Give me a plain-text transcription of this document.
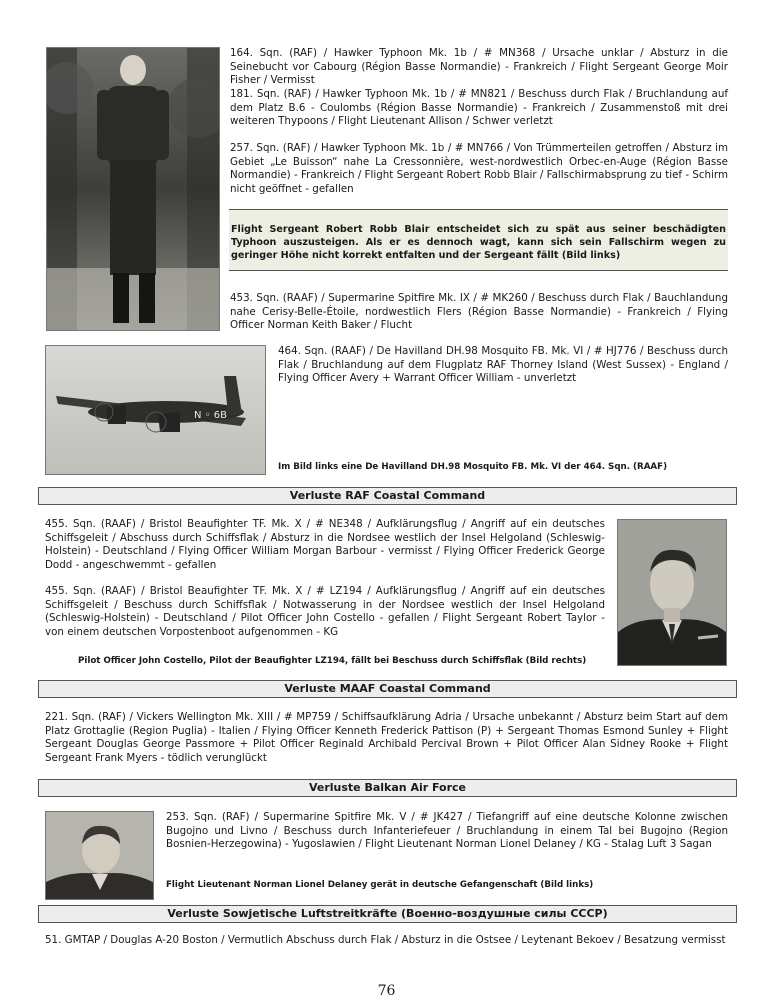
164. Sqn. (RAF) / Hawker Typhoon Mk. 1b / # MN368 / Ursache unklar / Absturz in die Seinebucht vor Cabourg (Région Basse Normandie) - Frankreich / Flight Sergeant George Moir Fisher / Vermisst

181. Sqn. (RAF) / Hawker Typhoon Mk. 1b / # MN821 / Beschuss durch Flak / Bruchlandung auf dem Platz B.6 - Coulombs (Région Basse Normandie) - Frankreich / Zusammenstoß mit drei weiteren Thypoons / Flight Lieutenant Allison / Schwer verletzt

257. Sqn. (RAF) / Hawker Typhoon Mk. 1b / # MN766 / Von Trümmerteilen getroffen / Absturz im Gebiet „Le Buisson“ nahe La Cressonnière, west-nordwestlich Orbec-en-Auge (Région Basse Normandie) - Frankreich / Flight Sergeant Robert Robb Blair / Fallschirmabsprung zu tief - Schirm nicht geöffnet - gefallen

Flight Sergeant Robert Robb Blair entscheidet sich zu spät aus seiner beschädigten Typhoon auszusteigen. Als er es dennoch wagt, kann sich sein Fallschirm wegen zu geringer Höhe nicht korrekt entfalten und der Sergeant fällt (Bild links)

453. Sqn. (RAAF) / Supermarine Spitfire Mk. IX / # MK260 / Beschuss durch Flak / Bauchlandung nahe Cerisy-Belle-Étoile, nordwestlich Flers (Région Basse Normandie) - Frankreich / Flying Officer Norman Keith Baker / Flucht

N ◦ 6B

464. Sqn. (RAAF) / De Havilland DH.98 Mosquito FB. Mk. VI / # HJ776 / Beschuss durch Flak / Bruchlandung auf dem Flugplatz RAF Thorney Island (West Sussex) - England / Flying Officer Avery + Warrant Officer William - unverletzt

Im Bild links eine De Havilland DH.98 Mosquito FB. Mk. VI der 464. Sqn. (RAAF)
Verluste RAF Coastal Command

455. Sqn. (RAAF) / Bristol Beaufighter TF. Mk. X / # NE348 / Aufklärungsflug / Angriff auf ein deutsches Schiffsgeleit / Abschuss durch Schiffsflak / Absturz in die Nordsee westlich der Insel Helgoland (Schleswig-Holstein) - Deutschland / Flying Officer William Morgan Barbour - vermisst / Flying Officer Frederick George Dodd - angeschwemmt - gefallen

455. Sqn. (RAAF) / Bristol Beaufighter TF. Mk. X / # LZ194 / Aufklärungsflug / Angriff auf ein deutsches Schiffsgeleit / Beschuss durch Schiffsflak / Notwasserung in der Nordsee westlich der Insel Helgoland (Schleswig-Holstein) - Deutschland / Pilot Officer John Costello - gefallen / Flight Sergeant Robert Taylor - von einem deutschen Vorpostenboot aufgenommen - KG

Pilot Officer John Costello, Pilot der Beaufighter LZ194, fällt bei Beschuss durch Schiffsflak (Bild rechts)
Verluste MAAF Coastal Command

221. Sqn. (RAF) / Vickers Wellington Mk. XIII / # MP759 / Schiffsaufklärung Adria / Ursache unbekannt / Absturz beim Start auf dem Platz Grottaglie (Region Puglia) - Italien / Flying Officer Kenneth Frederick Pattison (P) + Sergeant Thomas Esmond Sunley + Flight Sergeant Douglas George Passmore + Pilot Officer Reginald Archibald Percival Brown + Pilot Officer Alan Sidney Rooke + Flight Sergeant Frank Myers - tödlich verunglückt

Verluste Balkan Air Force

253. Sqn. (RAF) / Supermarine Spitfire Mk. V / # JK427 / Tiefangriff auf eine deutsche Kolonne zwischen Bugojno und Livno / Beschuss durch Infanteriefeuer / Bruchlandung in einem Tal bei Bugojno (Region Bosnien-Herzegowina) - Yugoslawien / Flight Lieutenant Norman Lionel Delaney / KG - Stalag Luft 3 Sagan

Flight Lieutenant Norman Lionel Delaney gerät in deutsche Gefangenschaft (Bild links)
Verluste Sowjetische Luftstreitkräfte (Военно-воздушные силы СССР)

51. GMTAP / Douglas A-20 Boston / Vermutlich Abschuss durch Flak / Absturz in die Ostsee / Leytenant Bekoev / Besatzung vermisst

76
